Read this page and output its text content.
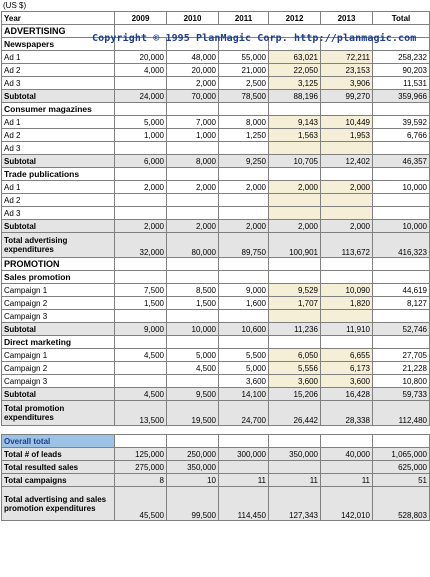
(US $)
Year	2009	2010	2011	2012	2013	Total
ADVERTISING						
Newspapers						
Ad 1	20,000	48,000	55,000	63,021	72,211	258,232
Ad 2	4,000	20,000	21,000	22,050	23,153	90,203
Ad 3		2,000	2,500	3,125	3,906	11,531
Subtotal	24,000	70,000	78,500	88,196	99,270	359,966
Consumer magazines						
Ad 1	5,000	7,000	8,000	9,143	10,449	39,592
Ad 2	1,000	1,000	1,250	1,563	1,953	6,766
Ad 3						
Subtotal	6,000	8,000	9,250	10,705	12,402	46,357
Trade publications						
Ad 1	2,000	2,000	2,000	2,000	2,000	10,000
Ad 2						
Ad 3						
Subtotal	2,000	2,000	2,000	2,000	2,000	10,000
Total advertising expenditures	32,000	80,000	89,750	100,901	113,672	416,323
PROMOTION						
Sales promotion						
Campaign 1	7,500	8,500	9,000	9,529	10,090	44,619
Campaign 2	1,500	1,500	1,600	1,707	1,820	8,127
Campaign 3						
Subtotal	9,000	10,000	10,600	11,236	11,910	52,746
Direct marketing						
Campaign 1	4,500	5,000	5,500	6,050	6,655	27,705
Campaign 2		4,500	5,000	5,556	6,173	21,228
Campaign 3			3,600	3,600	3,600	10,800
Subtotal	4,500	9,500	14,100	15,206	16,428	59,733
Total promotion expenditures	13,500	19,500	24,700	26,442	28,338	112,480

Overall total						
Total # of leads	125,000	250,000	300,000	350,000	40,000	1,065,000
Total resulted sales	275,000	350,000				625,000
Total campaigns	8	10	11	11	11	51
Total advertising and sales promotion expenditures	45,500	99,500	114,450	127,343	142,010	528,803
Copyright © 1995 PlanMagic Corp. http://planmagic.com
